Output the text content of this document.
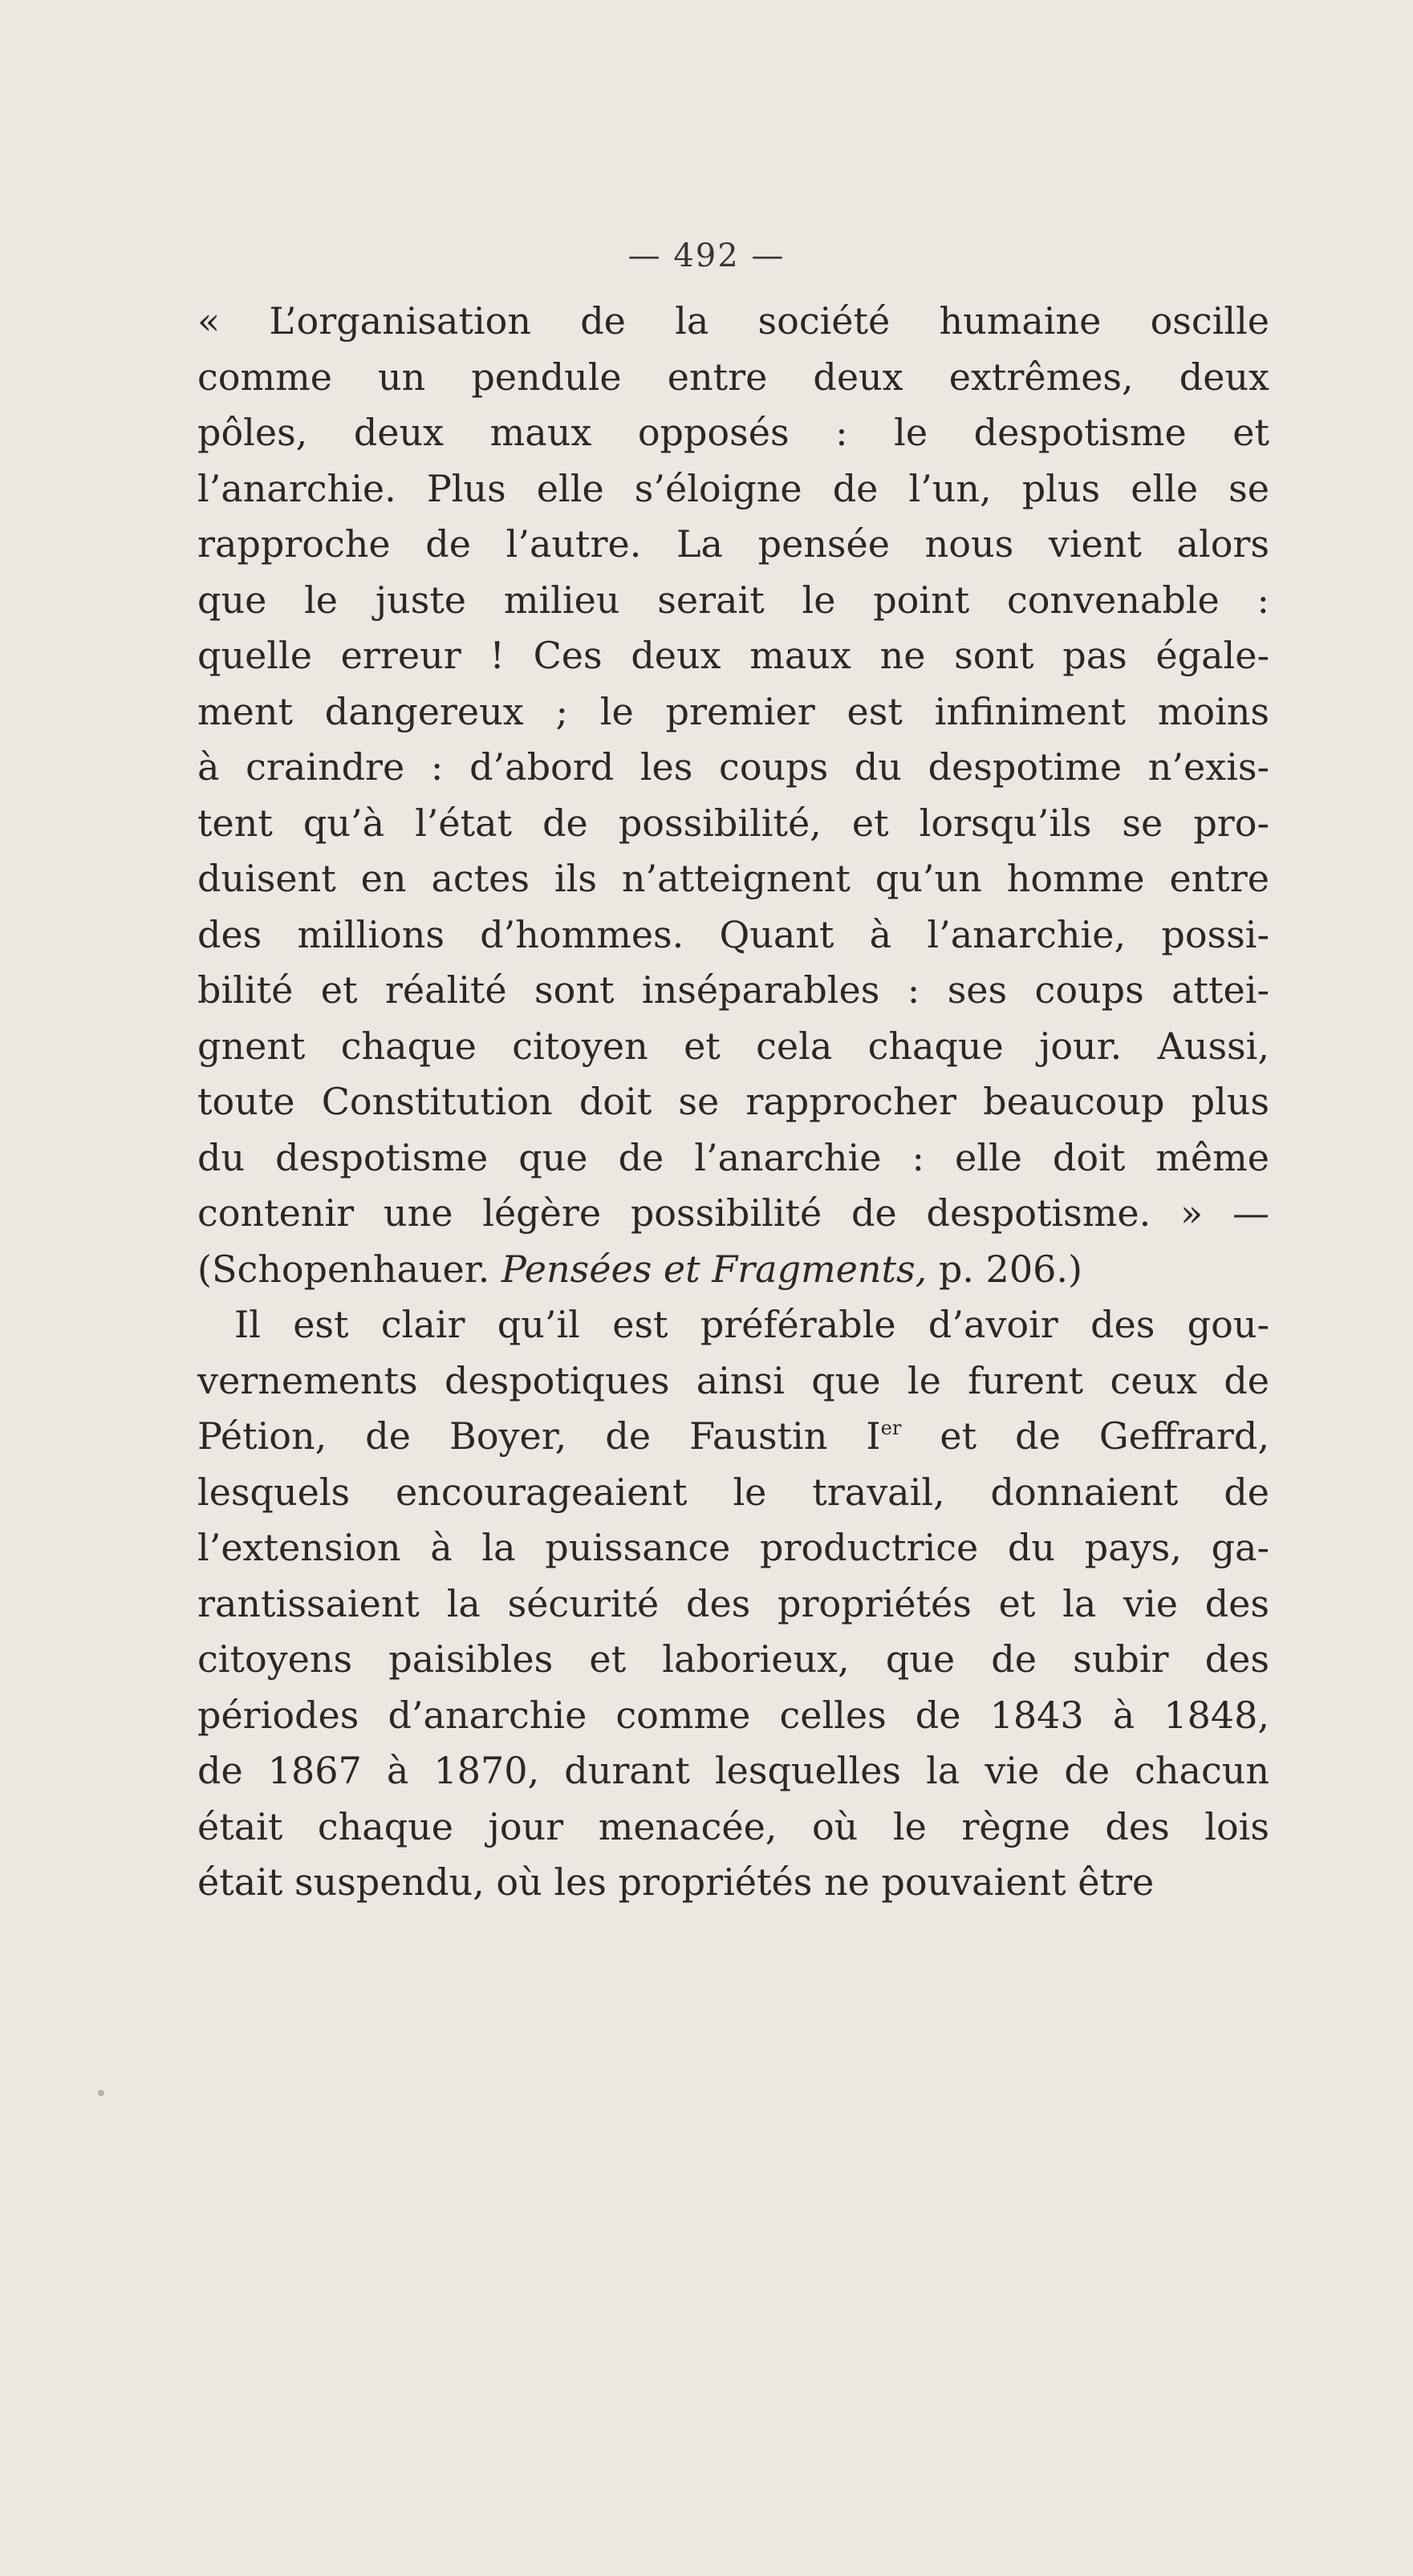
— 492 —
« L’organisation de la société humaine oscille
comme un pendule entre deux extrêmes, deux
pôles, deux maux opposés : le despotisme et
l’anarchie. Plus elle s’éloigne de l’un, plus elle se
rapproche de l’autre. La pensée nous vient alors
que le juste milieu serait le point convenable :
quelle erreur ! Ces deux maux ne sont pas égale-
ment dangereux ; le premier est infiniment moins
à craindre : d’abord les coups du despotime n’exis-
tent qu’à l’état de possibilité, et lorsqu’ils se pro-
duisent en actes ils n’atteignent qu’un homme entre
des millions d’hommes. Quant à l’anarchie, possi-
bilité et réalité sont inséparables : ses coups attei-
gnent chaque citoyen et cela chaque jour. Aussi,
toute Constitution doit se rapprocher beaucoup plus
du despotisme que de l’anarchie : elle doit même
contenir une légère possibilité de despotisme. » —
(Schopenhauer. Pensées et Fragments, p. 206.)
Il est clair qu’il est préférable d’avoir des gou-
vernements despotiques ainsi que le furent ceux de
Pétion, de Boyer, de Faustin Ier et de Geffrard,
lesquels encourageaient le travail, donnaient de
l’extension à la puissance productrice du pays, ga-
rantissaient la sécurité des propriétés et la vie des
citoyens paisibles et laborieux, que de subir des
périodes d’anarchie comme celles de 1843 à 1848,
de 1867 à 1870, durant lesquelles la vie de chacun
était chaque jour menacée, où le règne des lois
était suspendu, où les propriétés ne pouvaient être
